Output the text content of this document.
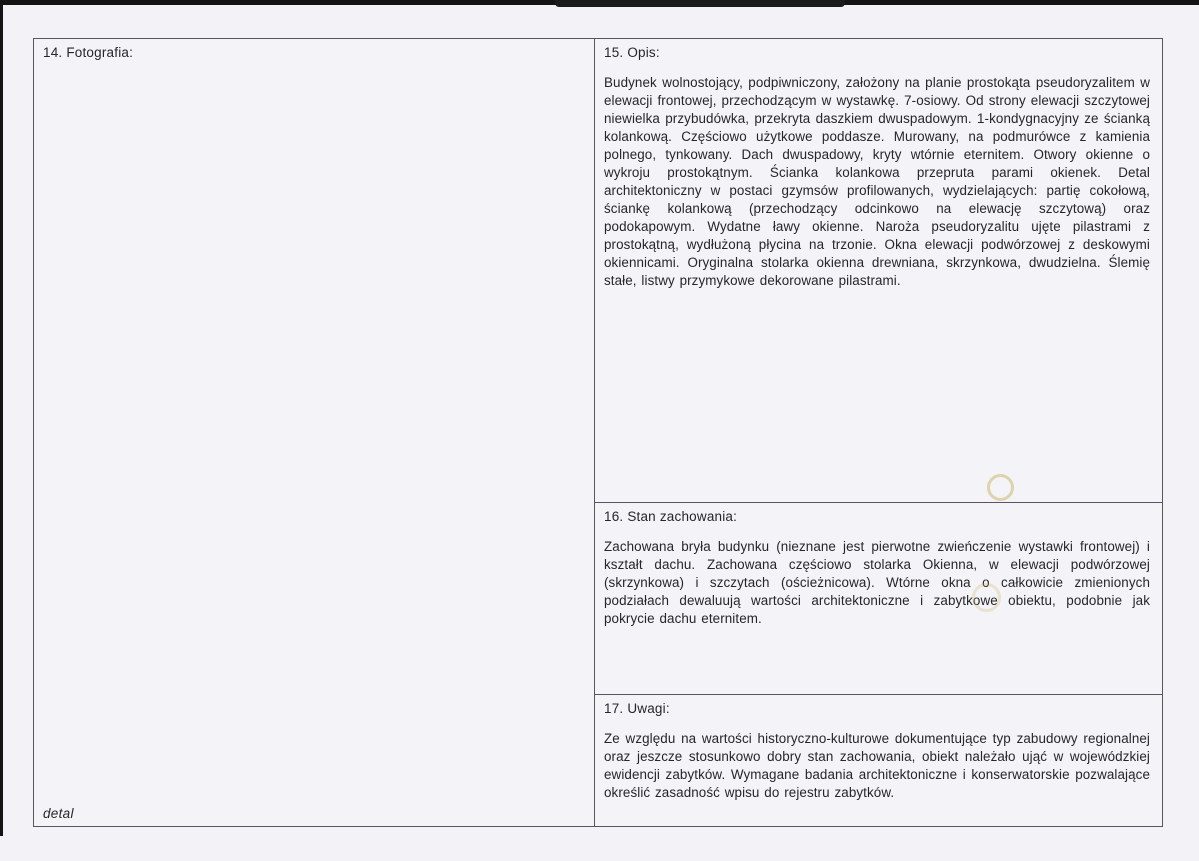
14. Fotografia:
detal
15. Opis:

Budynek wolnostojący, podpiwniczony, założony na planie prostokąta pseudoryzalitem w elewacji frontowej, przechodzącym w wystawkę. 7-osiowy. Od strony elewacji szczytowej niewielka przybudówka, przekryta daszkiem dwuspadowym. 1-kondygnacyjny ze ścianką kolankową. Częściowo użytkowe poddasze. Murowany, na podmurówce z kamienia polnego, tynkowany. Dach dwuspadowy, kryty wtórnie eternitem. Otwory okienne o wykroju prostokątnym. Ścianka kolankowa przepruta parami okienek. Detal architektoniczny w postaci gzymsów profilowanych, wydzielających: partię cokołową, ściankę kolankową (przechodzący odcinkowo na elewację szczytową) oraz podokapowym. Wydatne ławy okienne. Naroża pseudoryzalitu ujęte pilastrami z prostokątną, wydłużoną płycina na trzonie. Okna elewacji podwórzowej z deskowymi okiennicami. Oryginalna stolarka okienna drewniana, skrzynkowa, dwudzielna. Ślemię stałe, listwy przymykowe dekorowane pilastrami.

16. Stan zachowania:

Zachowana bryła budynku (nieznane jest pierwotne zwieńczenie wystawki frontowej) i kształt dachu. Zachowana częściowo stolarka Okienna, w elewacji podwórzowej (skrzynkowa) i szczytach (ościeżnicowa). Wtórne okna o całkowicie zmienionych podziałach dewaluują wartości architektoniczne i zabytkowe obiektu, podobnie jak pokrycie dachu eternitem.

17. Uwagi:

Ze względu na wartości historyczno-kulturowe dokumentujące typ zabudowy regionalnej oraz jeszcze stosunkowo dobry stan zachowania, obiekt należało ująć w wojewódzkiej ewidencji zabytków. Wymagane badania architektoniczne i konserwatorskie pozwalające określić zasadność wpisu do rejestru zabytków.
